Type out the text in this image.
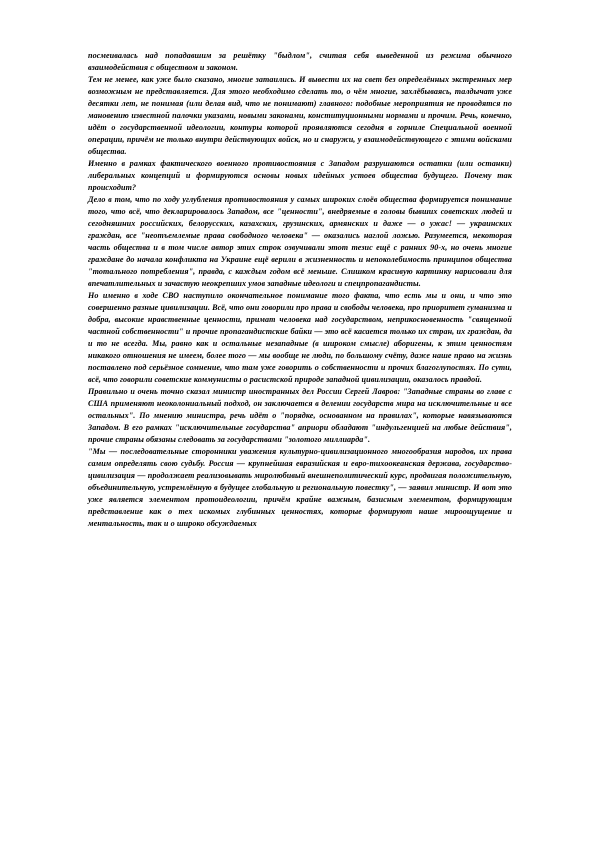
посмеивалась над попадавшим за решётку "быдлом", считая себя выведенной из режима обычного взаимодействия с обществом и законом.

Тем не менее, как уже было сказано, многие затаились. И вывести их на свет без определённых экстренных мер возможным не представляется. Для этого необходимо сделать то, о чём многие, захлёбываясь, талдычат уже десятки лет, не понимая (или делая вид, что не понимают) главного: подобные мероприятия не проводятся по мановению известной палочки указами, новыми законами, конституционными нормами и прочим. Речь, конечно, идёт о государственной идеологии, контуры которой проявляются сегодня в горниле Специальной военной операции, причём не только внутри действующих войск, но и снаружи, у взаимодействующего с этими войсками общества.

Именно в рамках фактического военного противостояния с Западом разрушаются остатки (или останки) либеральных концепций и формируются основы новых идейных устоев общества будущего. Почему так происходит?

Дело в том, что по ходу углубления противостояния у самых широких слоёв общества формируется понимание того, что всё, что декларировалось Западом, все "ценности", внедряемые в головы бывших советских людей и сегодняшних российских, белорусских, казахских, грузинских, армянских и даже — о ужас! — украинских граждан, все "неотъемлемые права свободного человека" — оказались наглой ложью. Разумеется, некоторая часть общества и в том числе автор этих строк озвучивали этот тезис ещё с ранних 90-х, но очень многие граждане до начала конфликта на Украине ещё верили в жизненность и непоколебимость принципов общества "тотального потребления", правда, с каждым годом всё меньше. Слишком красивую картинку нарисовали для впечатлительных и зачастую неокрепших умов западные идеологи и спецпропагандисты.

Но именно в ходе СВО наступило окончательное понимание того факта, что есть мы и они, и что это совершенно разные цивилизации. Всё, что они говорили про права и свободы человека, про приоритет гуманизма и добра, высокие нравственные ценности, примат человека над государством, неприкосновенность "священной частной собственности" и прочие пропагандистские байки — это всё касается только их стран, их граждан, да и то не всегда. Мы, равно как и остальные незападные (в широком смысле) аборигены, к этим ценностям никакого отношения не имеем, более того — мы вообще не люди, по большому счёту, даже наше право на жизнь поставлено под серьёзное сомнение, что там уже говорить о собственности и прочих благоглупостях. По сути, всё, что говорили советские коммунисты о расистской природе западной цивилизации, оказалось правдой.

Правильно и очень точно сказал министр иностранных дел России Сергей Лавров: "Западные страны во главе с США применяют неоколониальный подход, он заключается в делении государств мира на исключительные и все остальных". По мнению министра, речь идёт о "порядке, основанном на правилах", которые навязываются Западом. В его рамках "исключительные государства" априори обладают "индульгенцией на любые действия", прочие страны обязаны следовать за государствами "золотого миллиарда".

"Мы — последовательные сторонники уважения культурно-цивилизационного многообразия народов, их права самим определять свою судьбу. Россия — крупнейшая евразийская и евро-тихоокеанская держава, государство-цивилизация — продолжает реализовывать миролюбивый внешнеполитический курс, продвигая положительную, объединительную, устремлённую в будущее глобальную и региональную повестку", — заявил министр. И вот это уже является элементом протоидеологии, причём крайне важным, базисным элементом, формирующим представление как о тех искомых глубинных ценностях, которые формируют наше мироощущение и ментальность, так и о широко обсуждаемых
